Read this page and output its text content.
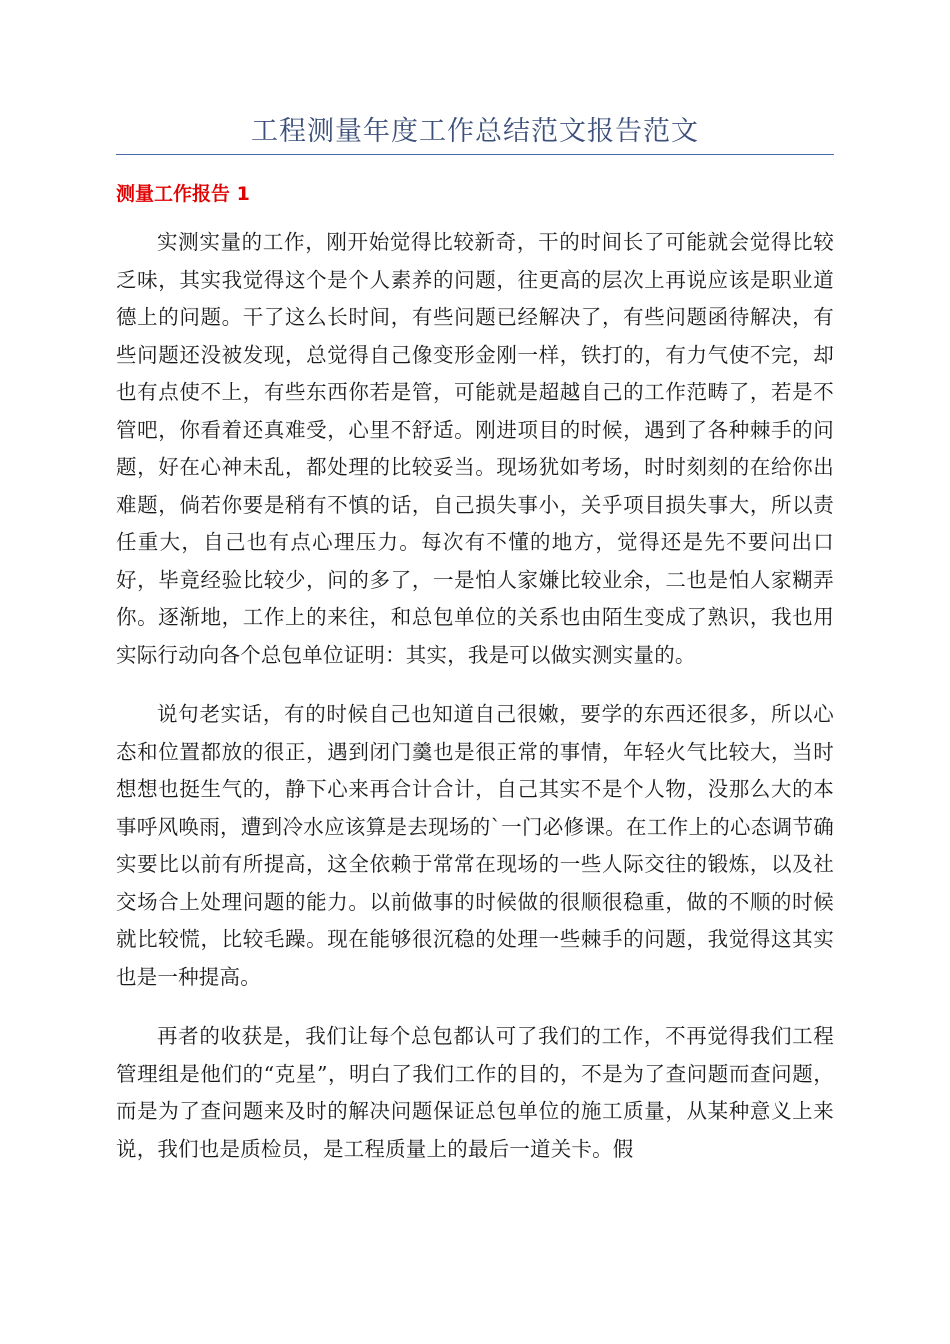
工程测量年度工作总结范文报告范文
测量工作报告 1

实测实量的工作，刚开始觉得比较新奇，干的时间长了可能就会觉得比较乏味，其实我觉得这个是个人素养的问题，往更高的层次上再说应该是职业道德上的问题。干了这么长时间，有些问题已经解决了，有些问题函待解决，有些问题还没被发现，总觉得自己像变形金刚一样，铁打的，有力气使不完，却也有点使不上，有些东西你若是管，可能就是超越自己的工作范畴了，若是不管吧，你看着还真难受，心里不舒适。刚进项目的时候，遇到了各种棘手的问题，好在心神未乱，都处理的比较妥当。现场犹如考场，时时刻刻的在给你出难题，倘若你要是稍有不慎的话，自己损失事小，关乎项目损失事大，所以责任重大，自己也有点心理压力。每次有不懂的地方，觉得还是先不要问出口好，毕竟经验比较少，问的多了，一是怕人家嫌比较业余，二也是怕人家糊弄你。逐渐地，工作上的来往，和总包单位的关系也由陌生变成了熟识，我也用实际行动向各个总包单位证明：其实，我是可以做实测实量的。

说句老实话，有的时候自己也知道自己很嫩，要学的东西还很多，所以心态和位置都放的很正，遇到闭门羹也是很正常的事情，年轻火气比较大，当时想想也挺生气的，静下心来再合计合计，自己其实不是个人物，没那么大的本事呼风唤雨，遭到冷水应该算是去现场的`一门必修课。在工作上的心态调节确实要比以前有所提高，这全依赖于常常在现场的一些人际交往的锻炼，以及社交场合上处理问题的能力。以前做事的时候做的很顺很稳重，做的不顺的时候就比较慌，比较毛躁。现在能够很沉稳的处理一些棘手的问题，我觉得这其实也是一种提高。

再者的收获是，我们让每个总包都认可了我们的工作，不再觉得我们工程管理组是他们的“克星”，明白了我们工作的目的，不是为了查问题而查问题，而是为了查问题来及时的解决问题保证总包单位的施工质量，从某种意义上来说，我们也是质检员，是工程质量上的最后一道关卡。假
